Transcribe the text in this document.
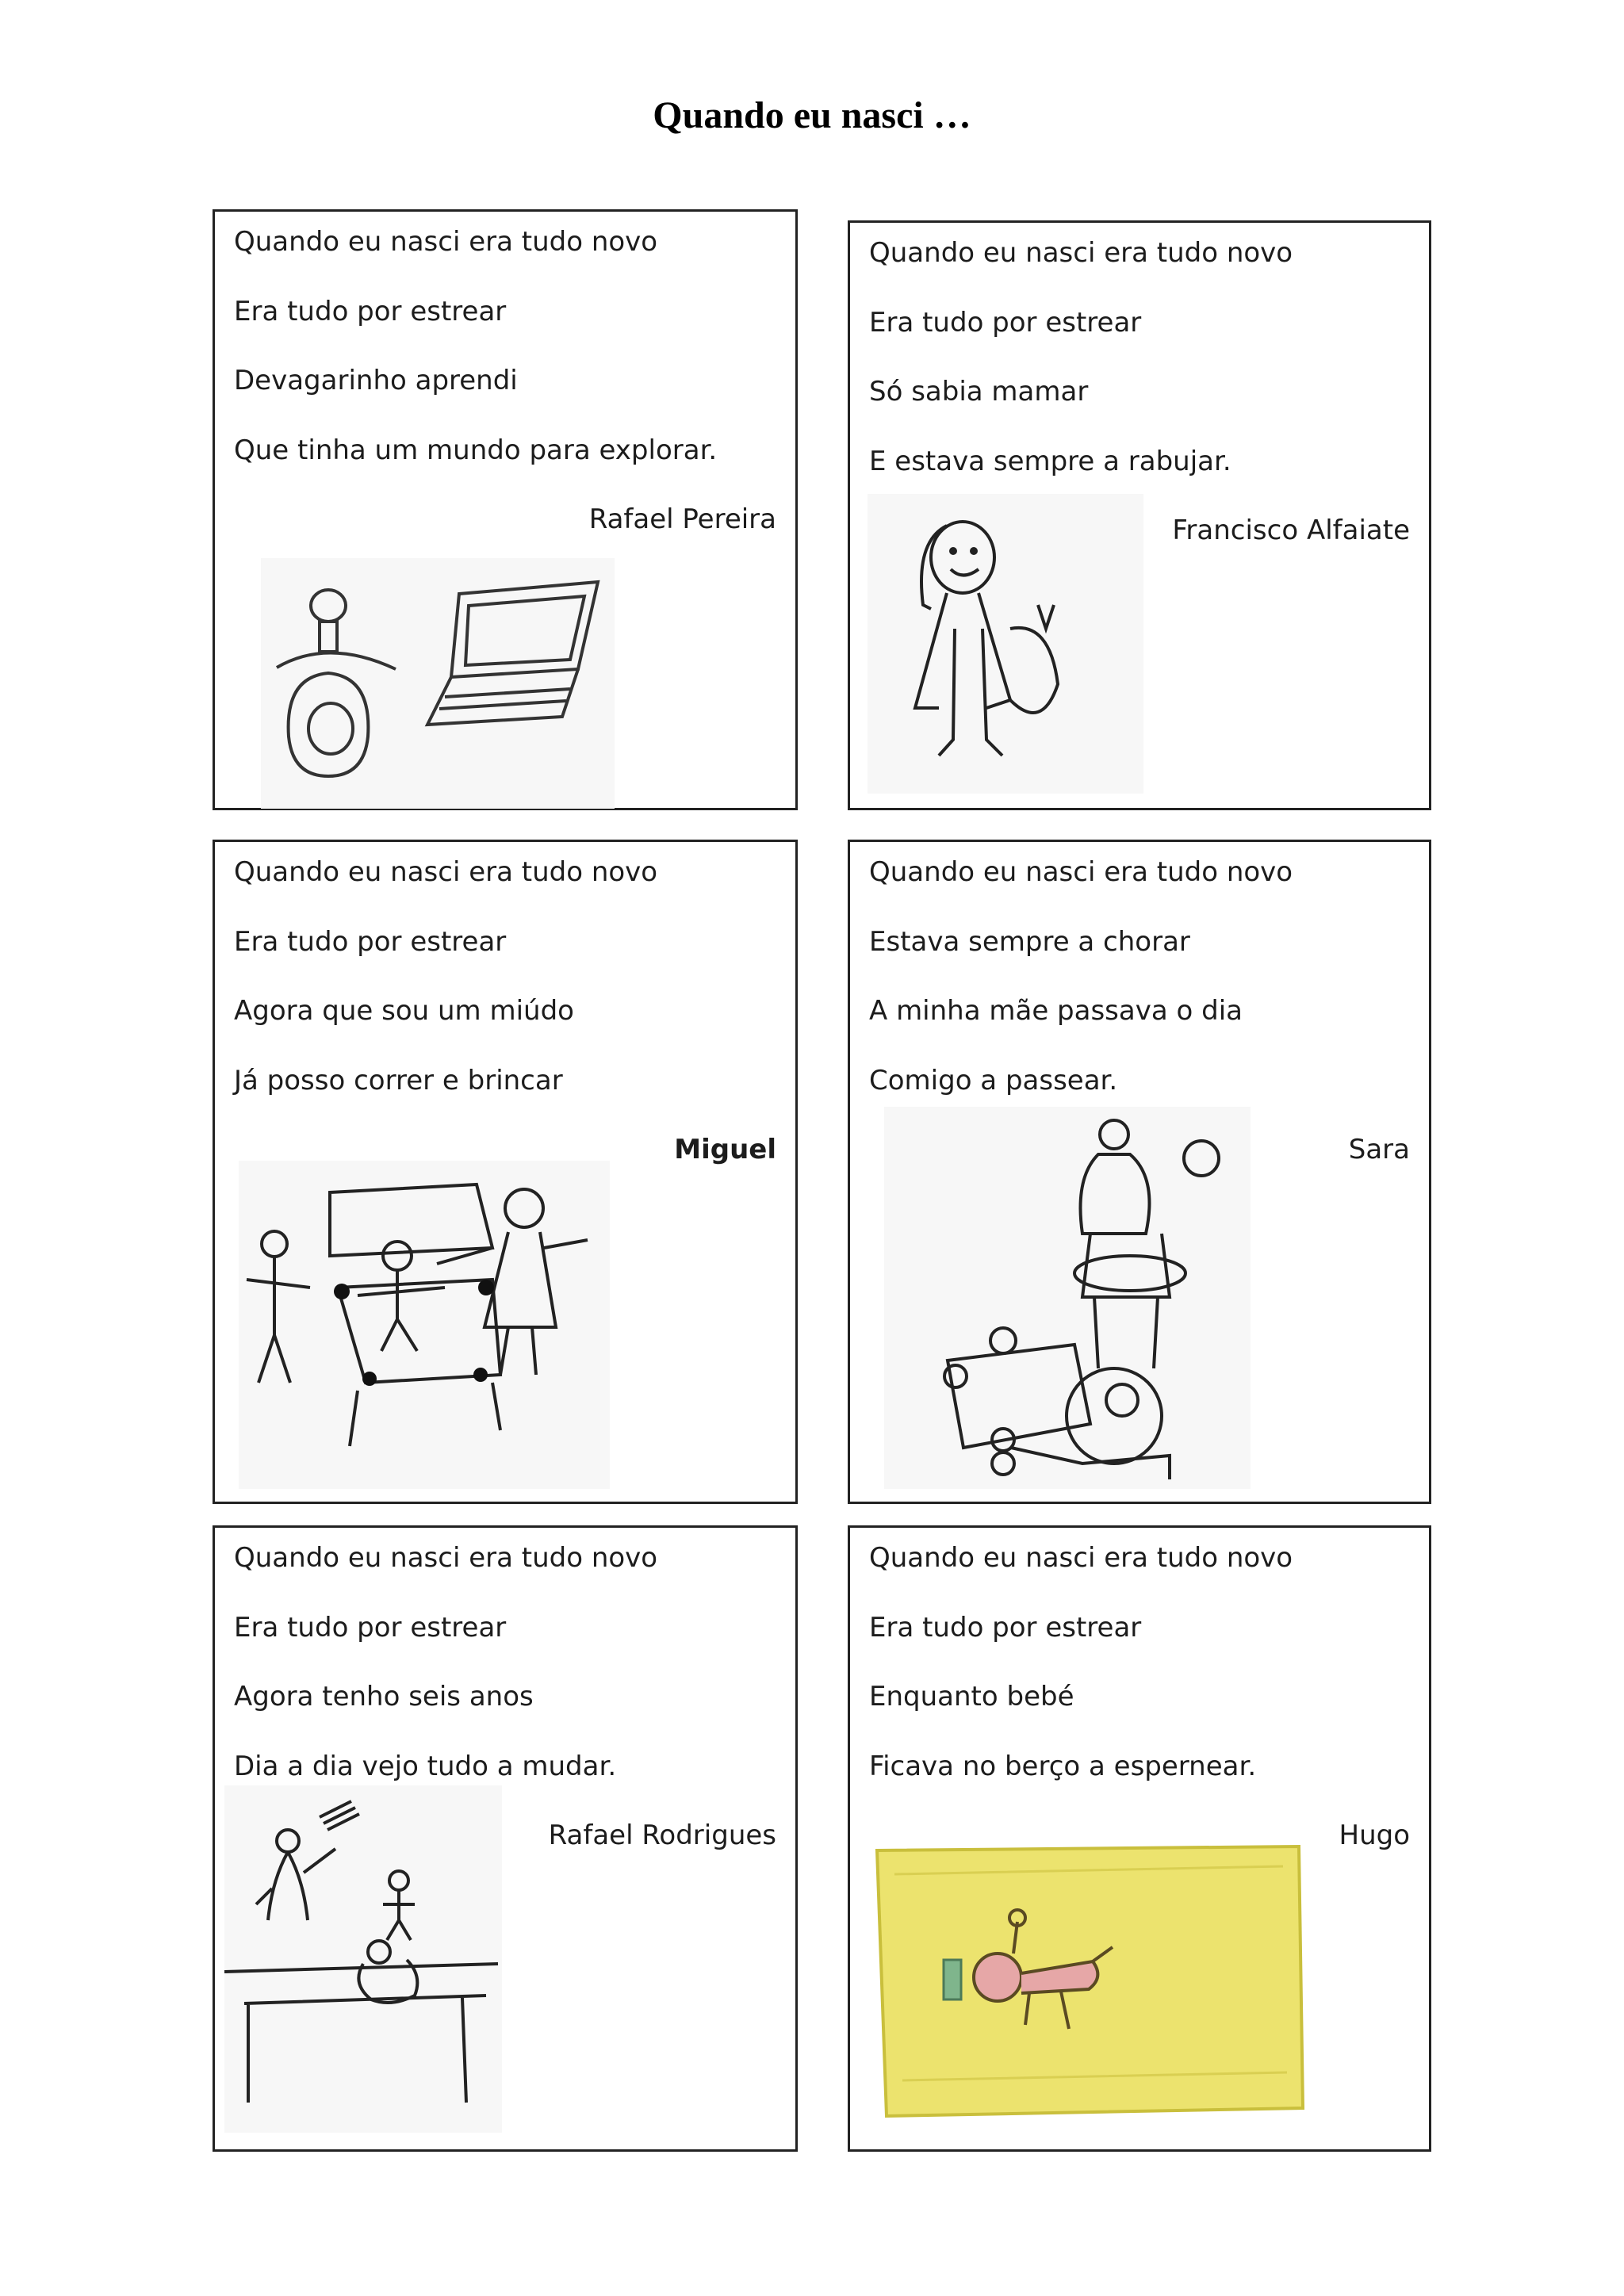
Quando eu nasci …
Quando eu nasci era tudo novo
Era tudo por estrear
Devagarinho aprendi
Que tinha um mundo para explorar.
Rafael Pereira
Quando eu nasci era tudo novo
Era tudo por estrear
Só sabia mamar
E estava sempre a rabujar.
Francisco Alfaiate
Quando eu nasci era tudo novo
Era tudo por estrear
Agora que sou um miúdo
Já posso correr e brincar
Miguel
Quando eu nasci era tudo novo
Estava sempre a chorar
A minha mãe passava o dia
Comigo a passear.
Sara
Quando eu nasci era tudo novo
Era tudo por estrear
Agora tenho seis anos
Dia a dia vejo tudo a mudar.
Rafael Rodrigues
Quando eu nasci era tudo novo
Era tudo por estrear
Enquanto bebé
Ficava no berço a espernear.
Hugo
